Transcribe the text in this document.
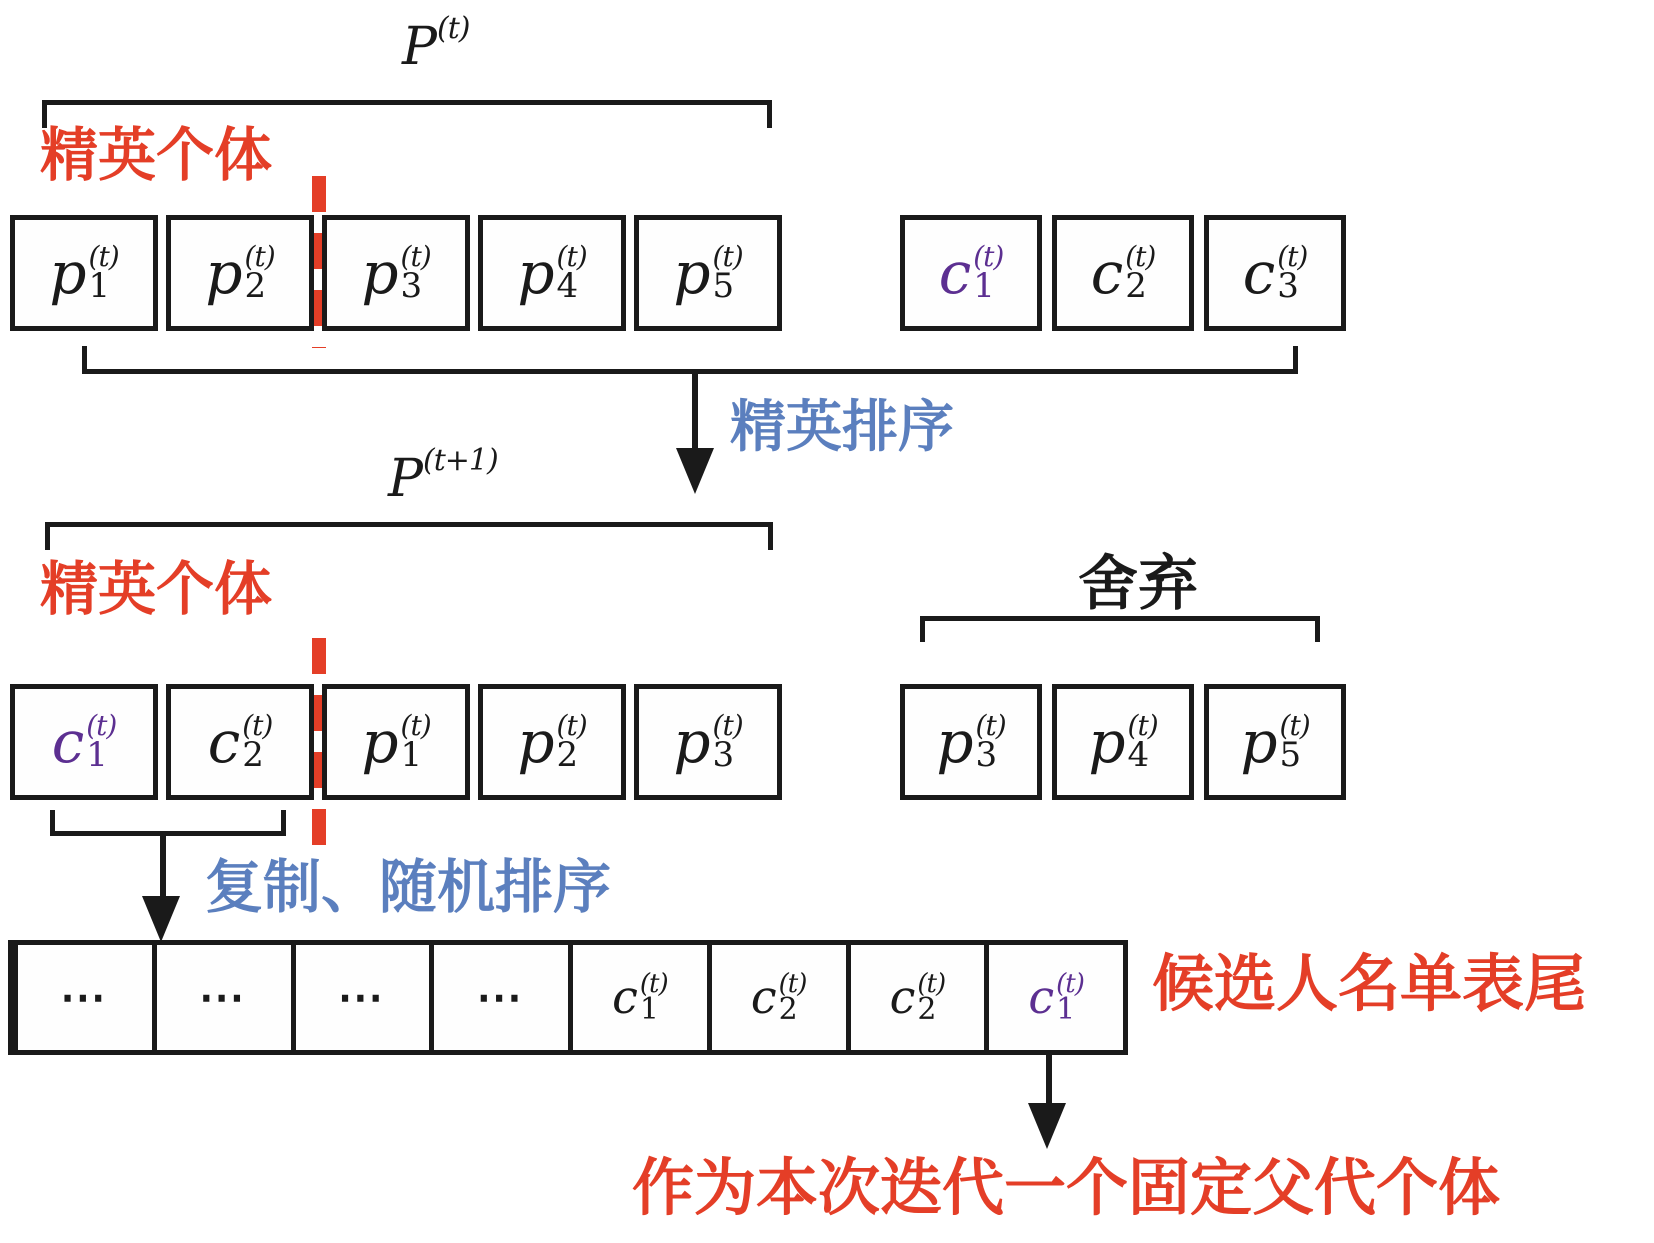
$P^{(t)}$
精英个体
p (t)
1 p (t)
2 p (t)
3 p (t)
4 p (t)
5	c (t)
1 c (t)
2 c (t)
3
精英排序
$P^{(t+1)}$
精英个体	舍弃
c (t)
1 c (t)
2 p (t)
1 p (t)
2 p (t)
3	p (t)
3 p (t)
4 p (t)
5
复制、随机排序
⋯ ⋯ ⋯ ⋯ c (t)
1 c (t)
2 c (t)
2 c (t)
1 候选人名单表尾
作为本次迭代一个固定父代个体
